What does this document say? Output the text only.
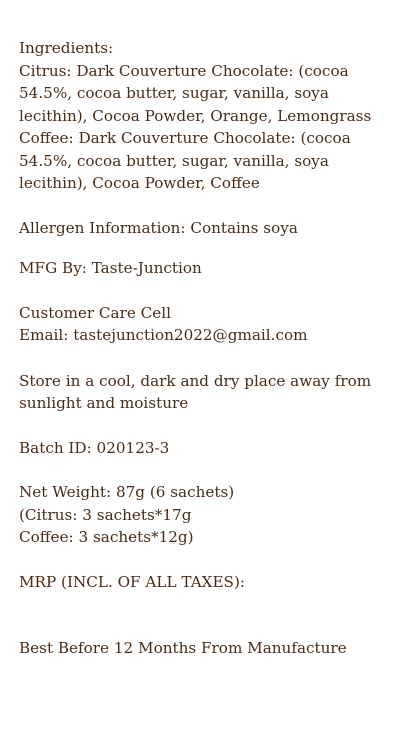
Ingredients:
Citrus: Dark Couverture Chocolate: (cocoa 54.5%, cocoa butter, sugar, vanilla, soya lecithin), Cocoa Powder, Orange, Lemongrass
Coffee: Dark Couverture Chocolate: (cocoa 54.5%, cocoa butter, sugar, vanilla, soya lecithin), Cocoa Powder, Coffee
Allergen Information: Contains soya
MFG By: Taste-Junction
Customer Care Cell
Email: tastejunction2022@gmail.com
Store in a cool, dark and dry place away from sunlight and moisture
Batch ID: 020123-3
Net Weight: 87g (6 sachets)
(Citrus: 3 sachets*17g
Coffee: 3 sachets*12g)
MRP (INCL. OF ALL TAXES):
Best Before 12 Months From Manufacture
